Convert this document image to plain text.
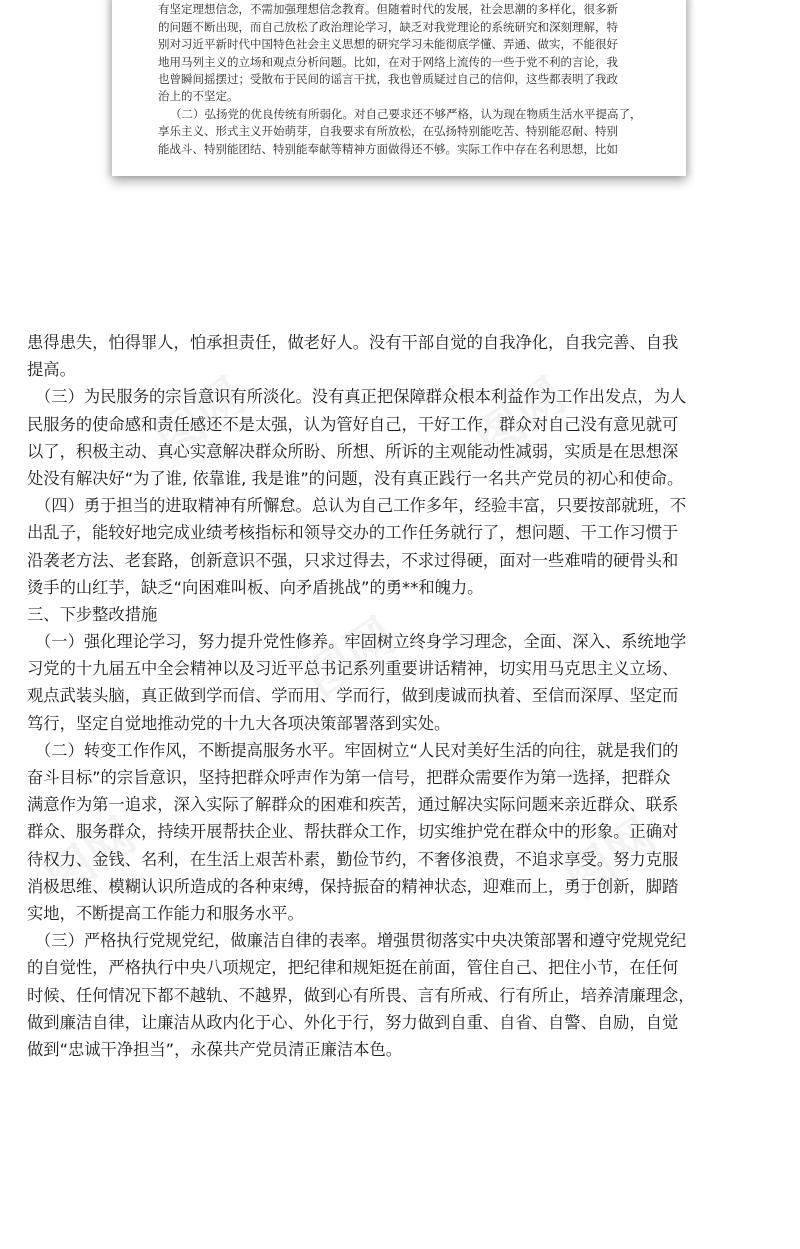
有坚定理想信念，不需加强理想信念教育。但随着时代的发展，社会思潮的多样化，很多新
的问题不断出现，而自己放松了政治理论学习，缺乏对我党理论的系统研究和深刻理解，特
别对习近平新时代中国特色社会主义思想的研究学习未能彻底学懂、弄通、做实，不能很好
地用马列主义的立场和观点分析问题。比如，在对于网络上流传的一些于党不利的言论，我
也曾瞬间摇摆过；受散布于民间的谣言干扰，我也曾质疑过自己的信仰，这些都表明了我政
治上的不坚定。
（二）弘扬党的优良传统有所弱化。对自己要求还不够严格，认为现在物质生活水平提高了，
享乐主义、形式主义开始萌芽，自我要求有所放松，在弘扬特别能吃苦、特别能忍耐、特别
能战斗、特别能团结、特别能奉献等精神方面做得还不够。实际工作中存在名利思想，比如
图网	图网
图网
图网	图网
患得患失，怕得罪人，怕承担责任，做老好人。没有干部自觉的自我净化，自我完善、自我
提高。
（三）为民服务的宗旨意识有所淡化。没有真正把保障群众根本利益作为工作出发点，为人
民服务的使命感和责任感还不是太强，认为管好自己，干好工作，群众对自己没有意见就可
以了，积极主动、真心实意解决群众所盼、所想、所诉的主观能动性减弱，实质是在思想深
处没有解决好“为了谁, 依靠谁, 我是谁”的问题，没有真正践行一名共产党员的初心和使命。
（四）勇于担当的进取精神有所懈怠。总认为自己工作多年，经验丰富，只要按部就班，不
出乱子，能较好地完成业绩考核指标和领导交办的工作任务就行了，想问题、干工作习惯于
沿袭老方法、老套路，创新意识不强，只求过得去，不求过得硬，面对一些难啃的硬骨头和
烫手的山红芋，缺乏“向困难叫板、向矛盾挑战”的勇**和魄力。
三、下步整改措施
（一）强化理论学习，努力提升党性修养。牢固树立终身学习理念，全面、深入、系统地学
习党的十九届五中全会精神以及习近平总书记系列重要讲话精神，切实用马克思主义立场、
观点武装头脑，真正做到学而信、学而用、学而行，做到虔诚而执着、至信而深厚、坚定而
笃行，坚定自觉地推动党的十九大各项决策部署落到实处。
（二）转变工作作风，不断提高服务水平。牢固树立“人民对美好生活的向往，就是我们的
奋斗目标”的宗旨意识，坚持把群众呼声作为第一信号，把群众需要作为第一选择，把群众
满意作为第一追求，深入实际了解群众的困难和疾苦，通过解决实际问题来亲近群众、联系
群众、服务群众，持续开展帮扶企业、帮扶群众工作，切实维护党在群众中的形象。正确对
待权力、金钱、名利，在生活上艰苦朴素，勤俭节约，不奢侈浪费，不追求享受。努力克服
消极思维、模糊认识所造成的各种束缚，保持振奋的精神状态，迎难而上，勇于创新，脚踏
实地，不断提高工作能力和服务水平。
（三）严格执行党规党纪，做廉洁自律的表率。增强贯彻落实中央决策部署和遵守党规党纪
的自觉性，严格执行中央八项规定，把纪律和规矩挺在前面，管住自己、把住小节，在任何
时候、任何情况下都不越轨、不越界，做到心有所畏、言有所戒、行有所止，培养清廉理念，
做到廉洁自律，让廉洁从政内化于心、外化于行，努力做到自重、自省、自警、自励，自觉
做到“忠诚干净担当”，永葆共产党员清正廉洁本色。
